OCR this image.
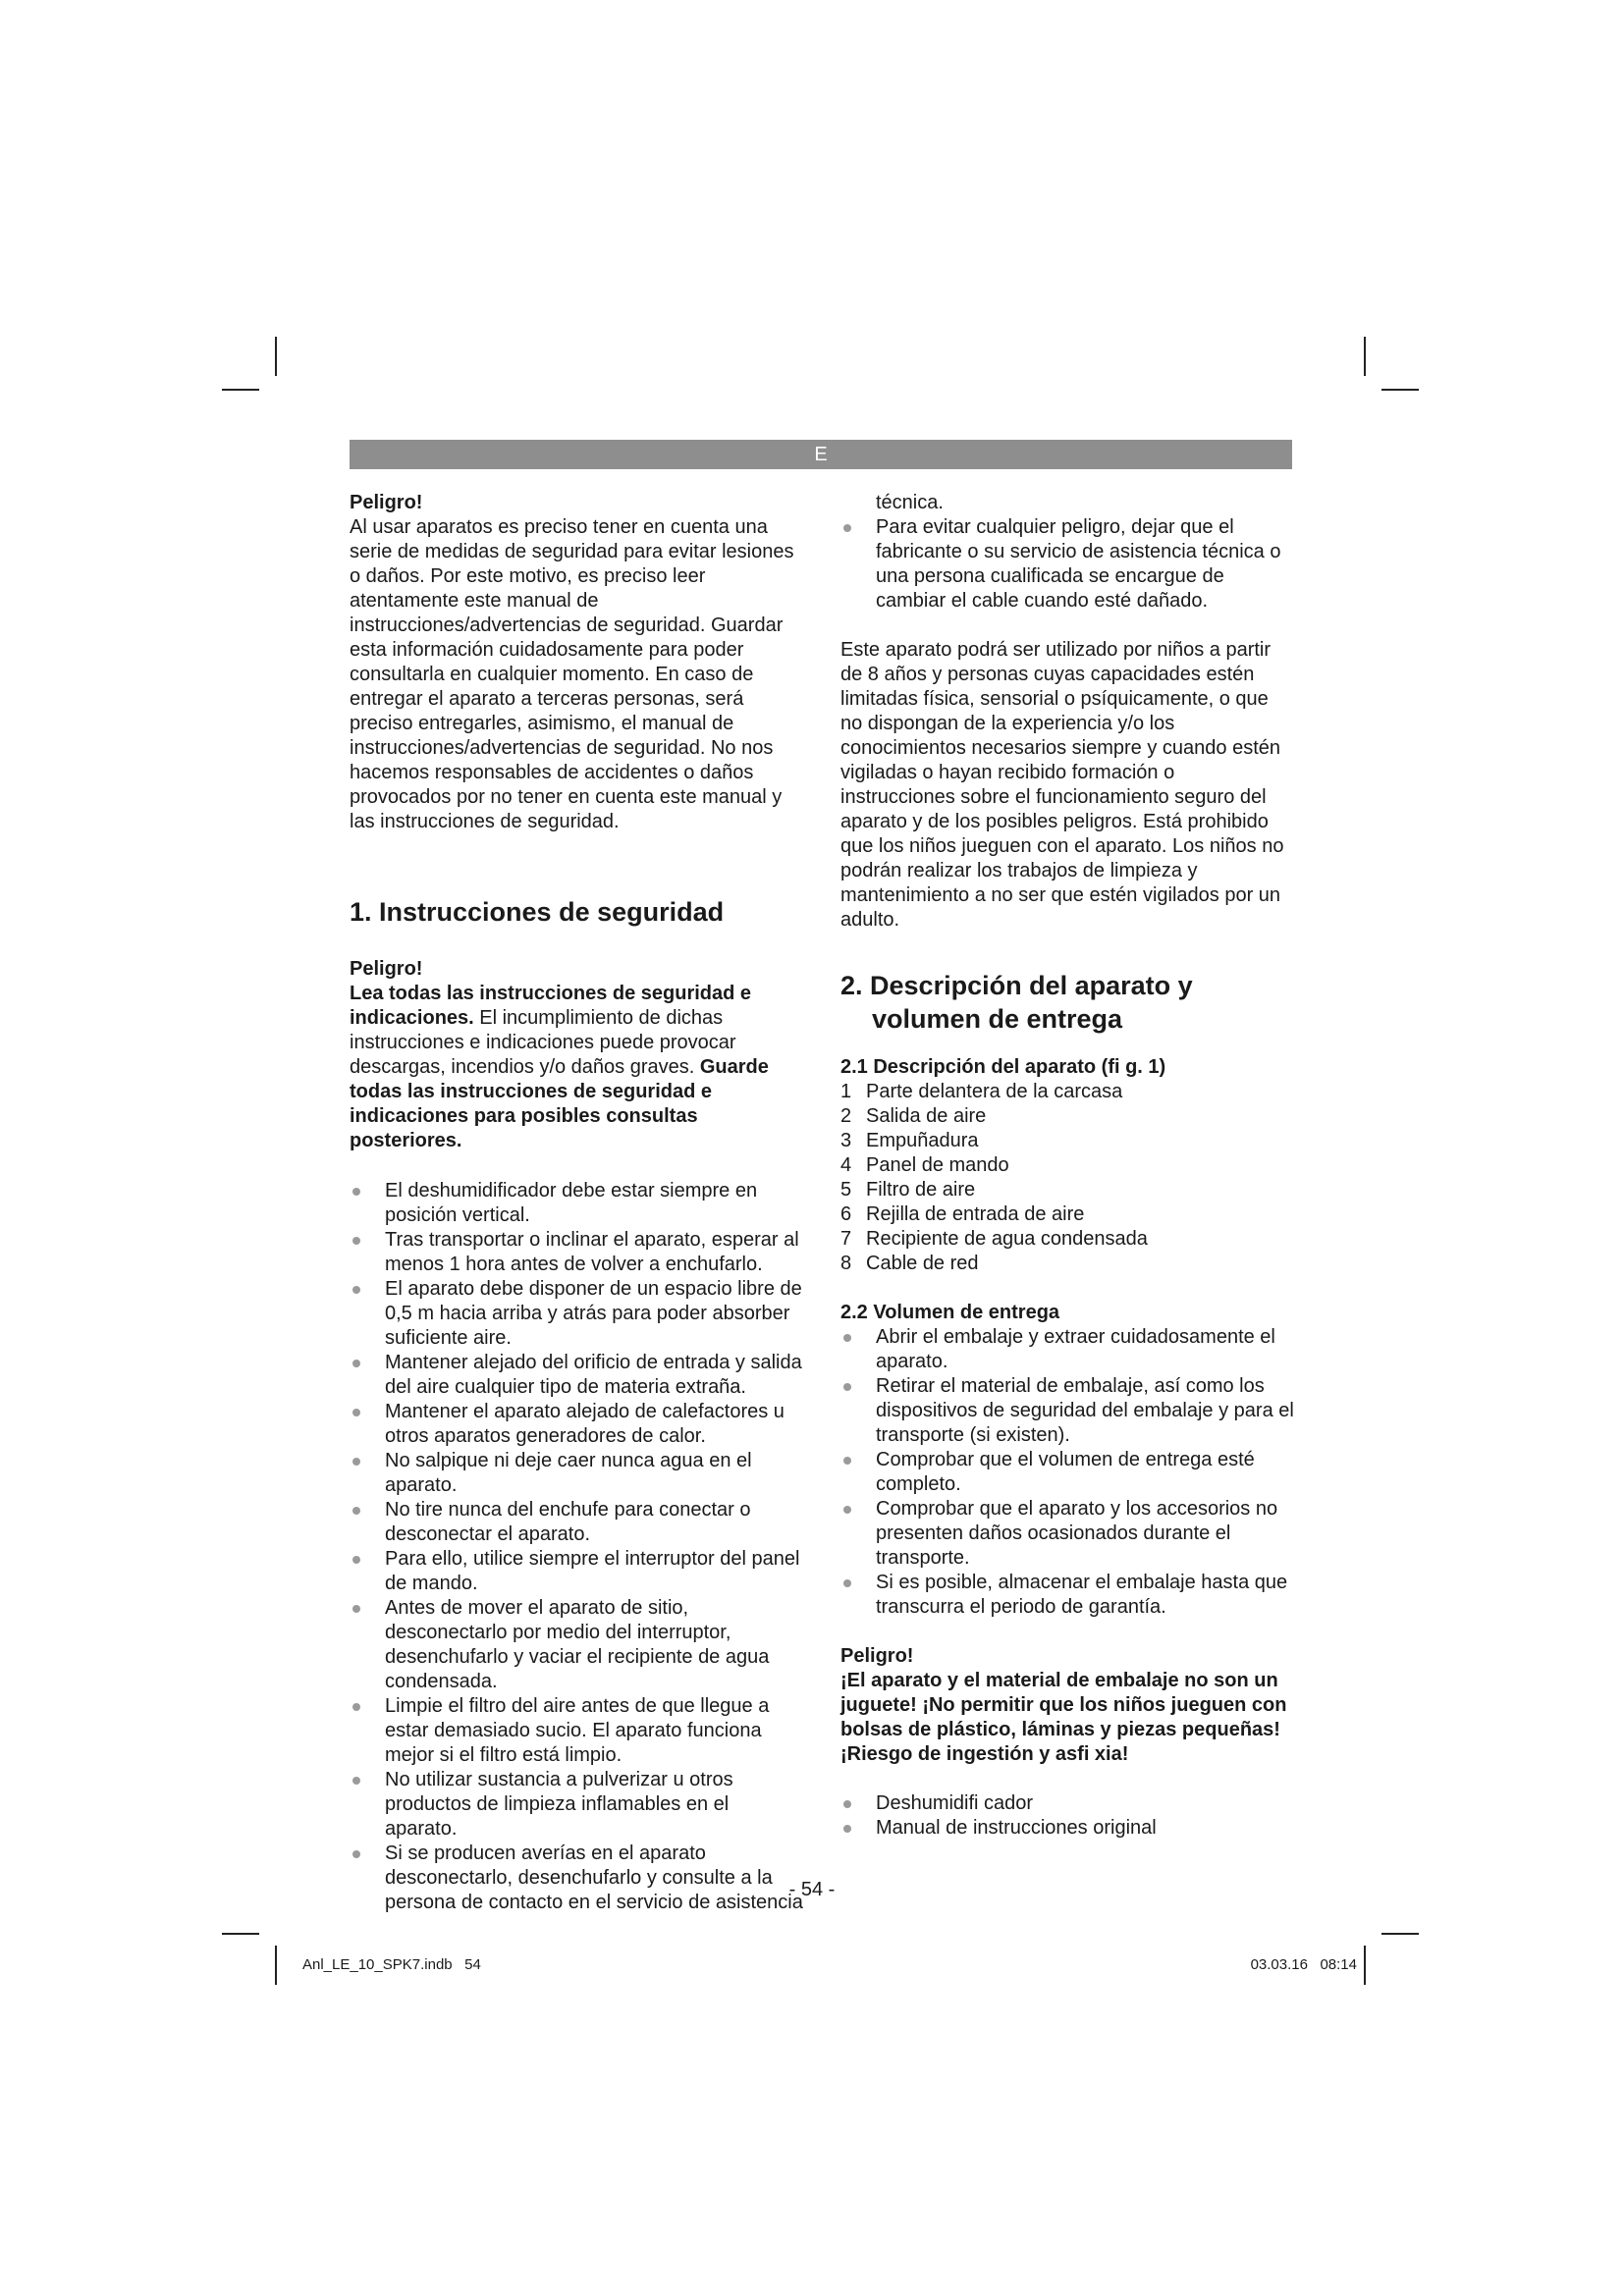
E

Peligro!

Al usar aparatos es preciso tener en cuenta una serie de medidas de seguridad para evitar lesiones o daños. Por este motivo, es preciso leer atentamente este manual de instrucciones/advertencias de seguridad. Guardar esta información cuidadosamente para poder consultarla en cualquier momento. En caso de entregar el aparato a terceras personas, será preciso entregarles, asimismo, el manual de instrucciones/advertencias de seguridad. No nos hacemos responsables de accidentes o daños provocados por no tener en cuenta este manual y las instrucciones de seguridad.

1. Instrucciones de seguridad

Peligro!

Lea todas las instrucciones de seguridad e indicaciones. El incumplimiento de dichas instrucciones e indicaciones puede provocar descargas, incendios y/o daños graves. Guarde todas las instrucciones de seguridad e indicaciones para posibles consultas posteriores.

El deshumidificador debe estar siempre en posición vertical.
Tras transportar o inclinar el aparato, esperar al menos 1 hora antes de volver a enchufarlo.
El aparato debe disponer de un espacio libre de 0,5 m hacia arriba y atrás para poder absorber suficiente aire.
Mantener alejado del orificio de entrada y salida del aire cualquier tipo de materia extraña.
Mantener el aparato alejado de calefactores u otros aparatos generadores de calor.
No salpique ni deje caer nunca agua en el aparato.
No tire nunca del enchufe para conectar o desconectar el aparato.
Para ello, utilice siempre el interruptor del panel de mando.
Antes de mover el aparato de sitio, desconectarlo por medio del interruptor, desenchufarlo y vaciar el recipiente de agua condensada.
Limpie el filtro del aire antes de que llegue a estar demasiado sucio. El aparato funciona mejor si el filtro está limpio.
No utilizar sustancia a pulverizar u otros productos de limpieza inflamables en el aparato.
Si se producen averías en el aparato desconectarlo, desenchufarlo y consulte a la persona de contacto en el servicio de asistencia

técnica.

Para evitar cualquier peligro, dejar que el fabricante o su servicio de asistencia técnica o una persona cualificada se encargue de cambiar el cable cuando esté dañado.

Este aparato podrá ser utilizado por niños a partir de 8 años y personas cuyas capacidades estén limitadas física, sensorial o psíquicamente, o que no dispongan de la experiencia y/o los conocimientos necesarios siempre y cuando estén vigiladas o hayan recibido formación o instrucciones sobre el funcionamiento seguro del aparato y de los posibles peligros. Está prohibido que los niños jueguen con el aparato. Los niños no podrán realizar los trabajos de limpieza y mantenimiento a no ser que estén vigilados por un adulto.

2. Descripción del aparato y
volumen de entrega
2.1 Descripción del aparato (fi g. 1)
1 Parte delantera de la carcasa
2 Salida de aire
3 Empuñadura
4 Panel de mando
5 Filtro de aire
6 Rejilla de entrada de aire
7 Recipiente de agua condensada
8 Cable de red
2.2 Volumen de entrega
Abrir el embalaje y extraer cuidadosamente el aparato.
Retirar el material de embalaje, así como los dispositivos de seguridad del embalaje y para el transporte (si existen).
Comprobar que el volumen de entrega esté completo.
Comprobar que el aparato y los accesorios no presenten daños ocasionados durante el transporte.
Si es posible, almacenar el embalaje hasta que transcurra el periodo de garantía.

Peligro!

¡El aparato y el material de embalaje no son un juguete! ¡No permitir que los niños jueguen con bolsas de plástico, láminas y piezas pequeñas! ¡Riesgo de ingestión y asfi xia!

Deshumidifi cador
Manual de instrucciones original
- 54 -
Anl_LE_10_SPK7.indb   54	03.03.16   08:14
